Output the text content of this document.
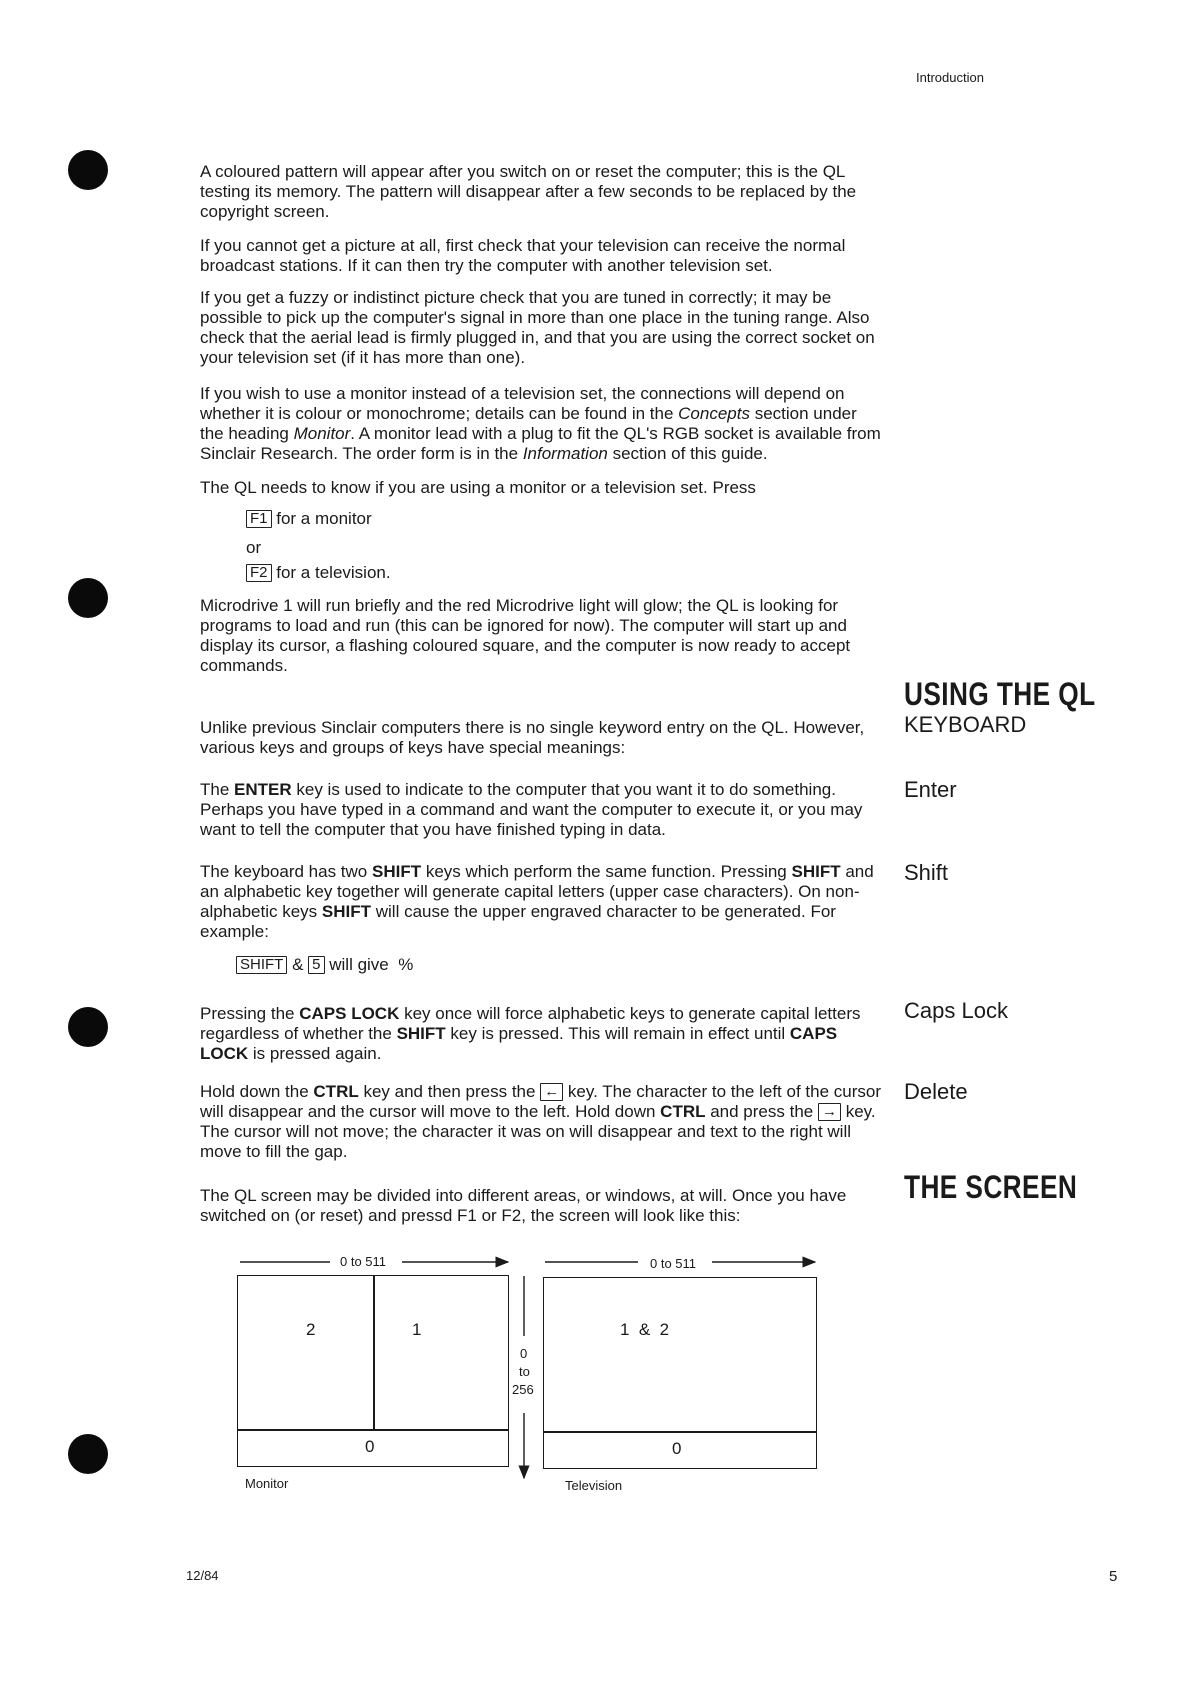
Introduction

A coloured pattern will appear after you switch on or reset the computer; this is the QL testing its memory. The pattern will disappear after a few seconds to be replaced by the copyright screen.

If you cannot get a picture at all, first check that your television can receive the normal broadcast stations. If it can then try the computer with another television set.

If you get a fuzzy or indistinct picture check that you are tuned in correctly; it may be possible to pick up the computer's signal in more than one place in the tuning range. Also check that the aerial lead is firmly plugged in, and that you are using the correct socket on your television set (if it has more than one).

If you wish to use a monitor instead of a television set, the connections will depend on whether it is colour or monochrome; details can be found in the Concepts section under the heading Monitor. A monitor lead with a plug to fit the QL's RGB socket is available from Sinclair Research. The order form is in the Information section of this guide.

The QL needs to know if you are using a monitor or a television set. Press

F1 for a monitor
or
F2 for a television.

Microdrive 1 will run briefly and the red Microdrive light will glow; the QL is looking for programs to load and run (this can be ignored for now). The computer will start up and display its cursor, a flashing coloured square, and the computer is now ready to accept commands.

Unlike previous Sinclair computers there is no single keyword entry on the QL. However, various keys and groups of keys have special meanings:

The ENTER key is used to indicate to the computer that you want it to do something. Perhaps you have typed in a command and want the computer to execute it, or you may want to tell the computer that you have finished typing in data.

The keyboard has two SHIFT keys which perform the same function. Pressing SHIFT and an alphabetic key together will generate capital letters (upper case characters). On non-alphabetic keys SHIFT will cause the upper engraved character to be generated. For example:

SHIFT & 5 will give %

Pressing the CAPS LOCK key once will force alphabetic keys to generate capital letters regardless of whether the SHIFT key is pressed. This will remain in effect until CAPS LOCK is pressed again.

Hold down the CTRL key and then press the ← key. The character to the left of the cursor will disappear and the cursor will move to the left. Hold down CTRL and press the → key. The cursor will not move; the character it was on will disappear and text to the right will move to fill the gap.

The QL screen may be divided into different areas, or windows, at will. Once you have switched on (or reset) and pressd F1 or F2, the screen will look like this:

USING THE QL
KEYBOARD
Enter
Shift
Caps Lock
Delete
THE SCREEN
0 to 511	0 to 511
0
to
256
2	1
0
Monitor
1  &  2
0
Television
12/84	5
